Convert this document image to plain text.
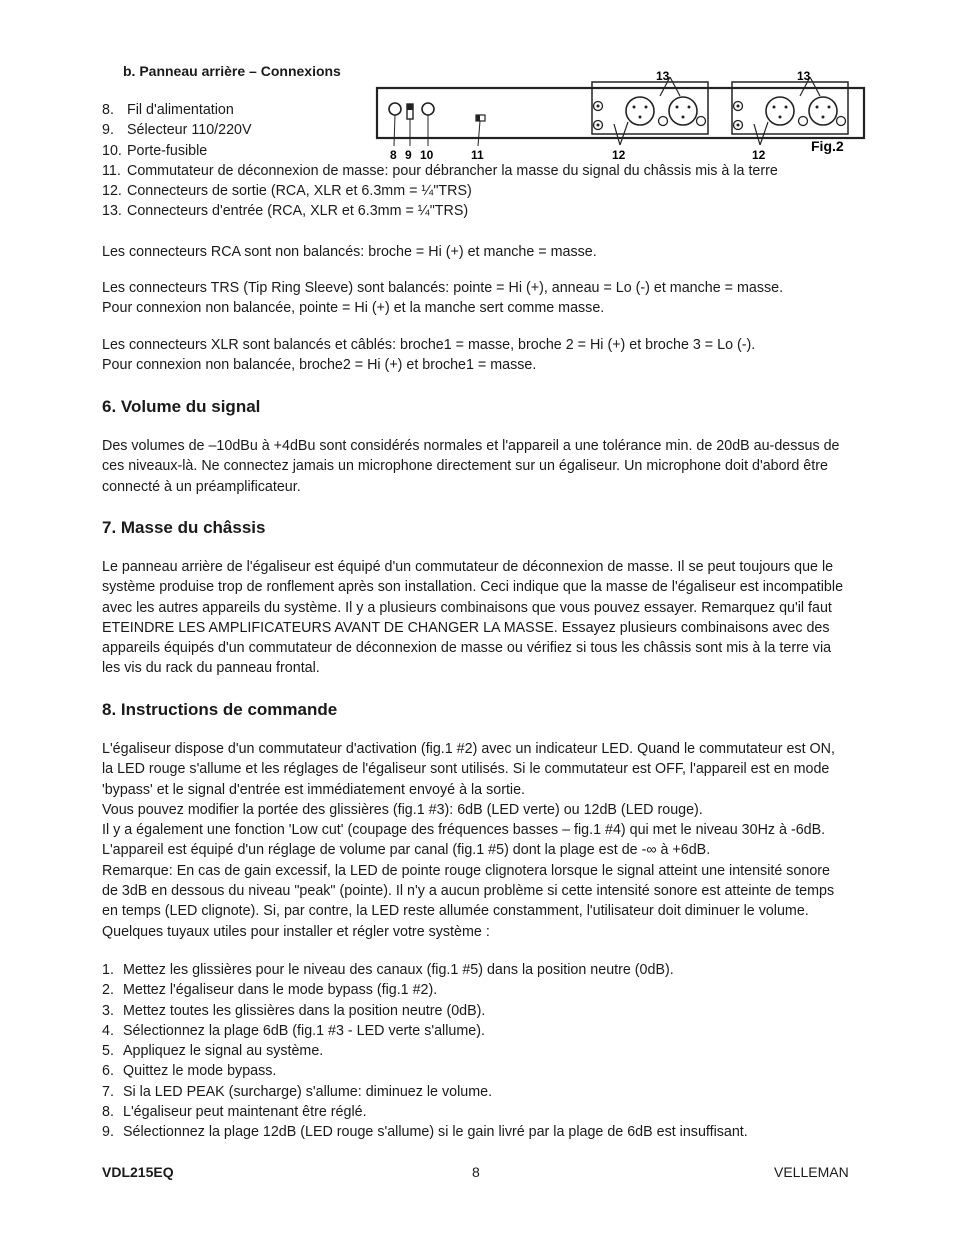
b. Panneau arrière – Connexions
8. Fil d'alimentation
9. Sélecteur 110/220V
10. Porte-fusible
11. Commutateur de déconnexion de masse: pour débrancher la masse du signal du châssis mis à la terre
12. Connecteurs de sortie (RCA, XLR et 6.3mm = ¼"TRS)
13. Connecteurs d'entrée (RCA, XLR et 6.3mm = ¼"TRS)
8 9 10	11	12	12
13	13
Fig.2

Les connecteurs RCA sont non balancés: broche = Hi (+) et manche = masse.

Les connecteurs TRS (Tip Ring Sleeve) sont balancés: pointe = Hi (+), anneau = Lo (-) et manche = masse.

Pour connexion non balancée, pointe = Hi (+) et la manche sert comme masse.

Les connecteurs XLR sont balancés et câblés: broche1 = masse, broche 2 = Hi (+) et broche 3 = Lo (-).

Pour connexion non balancée, broche2 = Hi (+) et broche1 = masse.

6. Volume du signal

Des volumes de –10dBu à +4dBu sont considérés normales et l'appareil a une tolérance min. de 20dB au-dessus de

ces niveaux-là. Ne connectez jamais un microphone directement sur un égaliseur. Un microphone doit d'abord être

connecté à un préamplificateur.

7. Masse du châssis

Le panneau arrière de l'égaliseur est équipé d'un commutateur de déconnexion de masse. Il se peut toujours que le

système produise trop de ronflement après son installation. Ceci indique que la masse de l'égaliseur est incompatible

avec les autres appareils du système. Il y a plusieurs combinaisons que vous pouvez essayer. Remarquez qu'il faut

ETEINDRE LES AMPLIFICATEURS AVANT DE CHANGER LA MASSE. Essayez plusieurs combinaisons avec des

appareils équipés d'un commutateur de déconnexion de masse ou vérifiez si tous les châssis sont mis à la terre via

les vis du rack du panneau frontal.

8. Instructions de commande

L'égaliseur dispose d'un commutateur d'activation (fig.1 #2) avec un indicateur LED. Quand le commutateur est ON,

la LED rouge s'allume et les réglages de l'égaliseur sont utilisés. Si le commutateur est OFF, l'appareil est en mode

'bypass' et le signal d'entrée est immédiatement envoyé à la sortie.

Vous pouvez modifier la portée des glissières (fig.1 #3): 6dB (LED verte) ou 12dB (LED rouge).

Il y a également une fonction 'Low cut' (coupage des fréquences basses – fig.1 #4) qui met le niveau 30Hz à -6dB.

L'appareil est équipé d'un réglage de volume par canal (fig.1 #5) dont la plage est de -∞ à +6dB.

Remarque: En cas de gain excessif, la LED de pointe rouge clignotera lorsque le signal atteint une intensité sonore

de 3dB en dessous du niveau "peak" (pointe). Il n'y a aucun problème si cette intensité sonore est atteinte de temps

en temps (LED clignote). Si, par contre, la LED reste allumée constamment, l'utilisateur doit diminuer le volume.

Quelques tuyaux utiles pour installer et régler votre système :

1. Mettez les glissières pour le niveau des canaux (fig.1 #5) dans la position neutre (0dB).
2. Mettez l'égaliseur dans le mode bypass (fig.1 #2).
3. Mettez toutes les glissières dans la position neutre (0dB).
4. Sélectionnez la plage 6dB (fig.1 #3 - LED verte s'allume).
5. Appliquez le signal au système.
6. Quittez le mode bypass.
7. Si la LED PEAK (surcharge) s'allume: diminuez le volume.
8. L'égaliseur peut maintenant être réglé.
9. Sélectionnez la plage 12dB (LED rouge s'allume) si le gain livré par la plage de 6dB est insuffisant.
VDL215EQ	8	VELLEMAN
